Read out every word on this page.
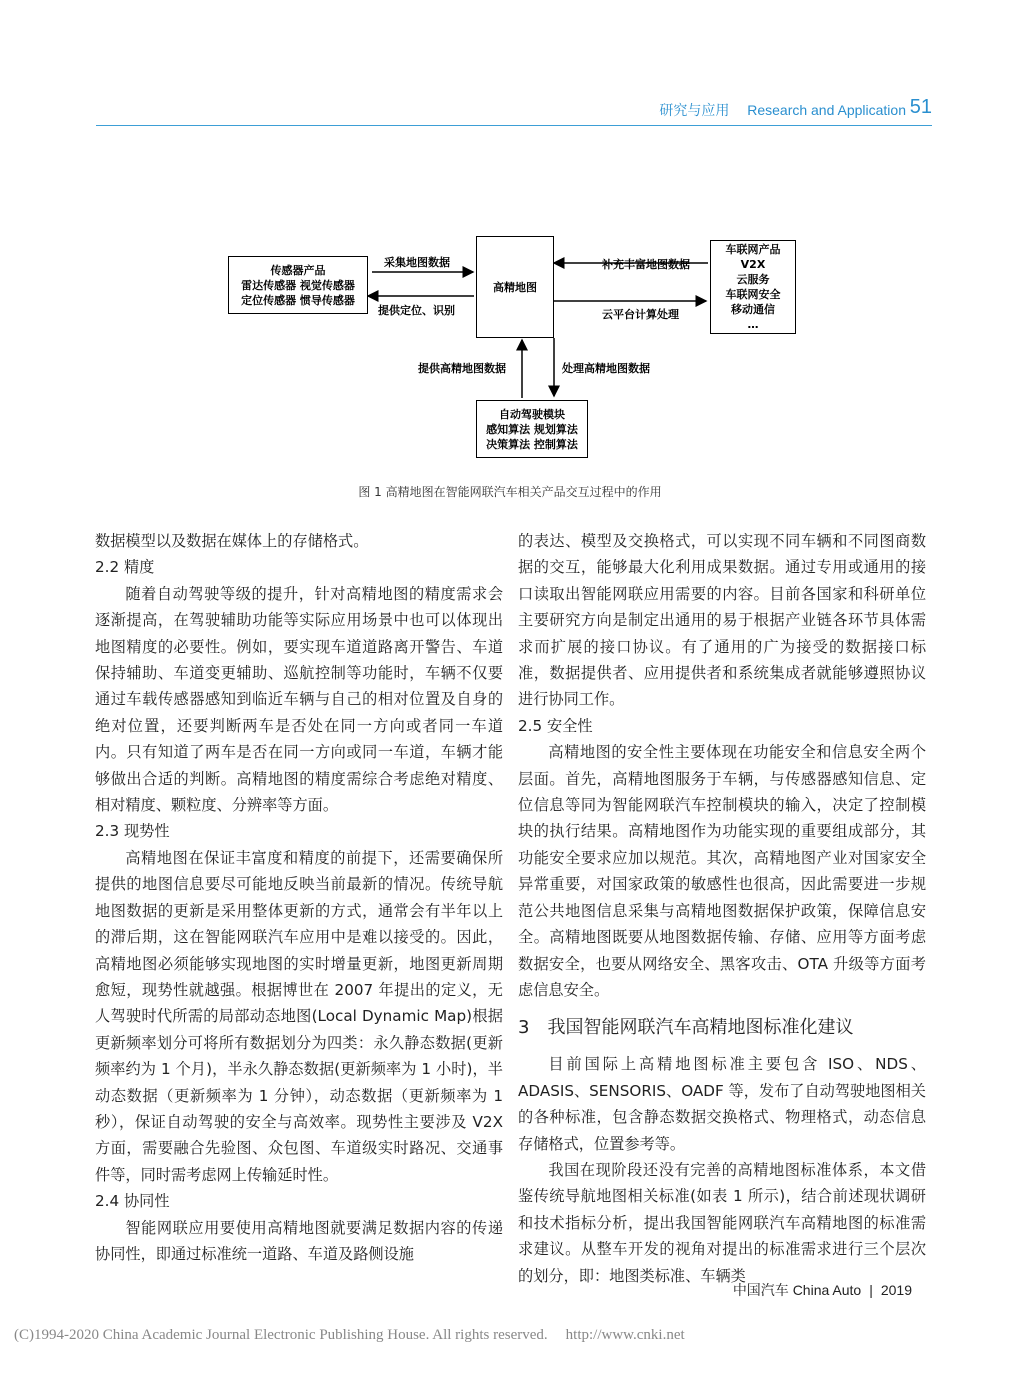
研究与应用 Research and Application 51
传感器产品
雷达传感器 视觉传感器
定位传感器 惯导传感器
高精地图
车联网产品
V2X
云服务
车联网安全
移动通信
…
自动驾驶模块
感知算法 规划算法
决策算法 控制算法
采集地图数据
提供定位、识别
补充丰富地图数据
云平台计算处理
提供高精地图数据	处理高精地图数据
图 1 高精地图在智能网联汽车相关产品交互过程中的作用

数据模型以及数据在媒体上的存储格式。

2.2 精度

随着自动驾驶等级的提升，针对高精地图的精度需求会逐渐提高，在驾驶辅助功能等实际应用场景中也可以体现出地图精度的必要性。例如，要实现车道道路离开警告、车道保持辅助、车道变更辅助、巡航控制等功能时，车辆不仅要通过车载传感器感知到临近车辆与自己的相对位置及自身的绝对位置，还要判断两车是否处在同一方向或者同一车道内。只有知道了两车是否在同一方向或同一车道，车辆才能够做出合适的判断。高精地图的精度需综合考虑绝对精度、相对精度、颗粒度、分辨率等方面。

2.3 现势性

高精地图在保证丰富度和精度的前提下，还需要确保所提供的地图信息要尽可能地反映当前最新的情况。传统导航地图数据的更新是采用整体更新的方式，通常会有半年以上的滞后期，这在智能网联汽车应用中是难以接受的。因此，高精地图必须能够实现地图的实时增量更新，地图更新周期愈短，现势性就越强。根据博世在 2007 年提出的定义，无人驾驶时代所需的局部动态地图(Local Dynamic Map)根据更新频率划分可将所有数据划分为四类：永久静态数据(更新频率约为 1 个月)，半永久静态数据(更新频率为 1 小时)，半动态数据（更新频率为 1 分钟），动态数据（更新频率为 1 秒），保证自动驾驶的安全与高效率。现势性主要涉及 V2X 方面，需要融合先验图、众包图、车道级实时路况、交通事件等，同时需考虑网上传输延时性。

2.4 协同性

智能网联应用要使用高精地图就要满足数据内容的传递协同性，即通过标准统一道路、车道及路侧设施

的表达、模型及交换格式，可以实现不同车辆和不同图商数据的交互，能够最大化利用成果数据。通过专用或通用的接口读取出智能网联应用需要的内容。目前各国家和科研单位主要研究方向是制定出通用的易于根据产业链各环节具体需求而扩展的接口协议。有了通用的广为接受的数据接口标准，数据提供者、应用提供者和系统集成者就能够遵照协议进行协同工作。

2.5 安全性

高精地图的安全性主要体现在功能安全和信息安全两个层面。首先，高精地图服务于车辆，与传感器感知信息、定位信息等同为智能网联汽车控制模块的输入，决定了控制模块的执行结果。高精地图作为功能实现的重要组成部分，其功能安全要求应加以规范。其次，高精地图产业对国家安全异常重要，对国家政策的敏感性也很高，因此需要进一步规范公共地图信息采集与高精地图数据保护政策，保障信息安全。高精地图既要从地图数据传输、存储、应用等方面考虑数据安全，也要从网络安全、黑客攻击、OTA 升级等方面考虑信息安全。

3 我国智能网联汽车高精地图标准化建议

目前国际上高精地图标准主要包含 ISO、NDS、ADASIS、SENSORIS、OADF 等，发布了自动驾驶地图相关的各种标准，包含静态数据交换格式、物理格式，动态信息存储格式，位置参考等。

我国在现阶段还没有完善的高精地图标准体系，本文借鉴传统导航地图相关标准(如表 1 所示)，结合前述现状调研和技术指标分析，提出我国智能网联汽车高精地图的标准需求建议。从整车开发的视角对提出的标准需求进行三个层次的划分，即：地图类标准、车辆类

中国汽车 China Auto | 2019
(C)1994-2020 China Academic Journal Electronic Publishing House. All rights reserved. http://www.cnki.net
